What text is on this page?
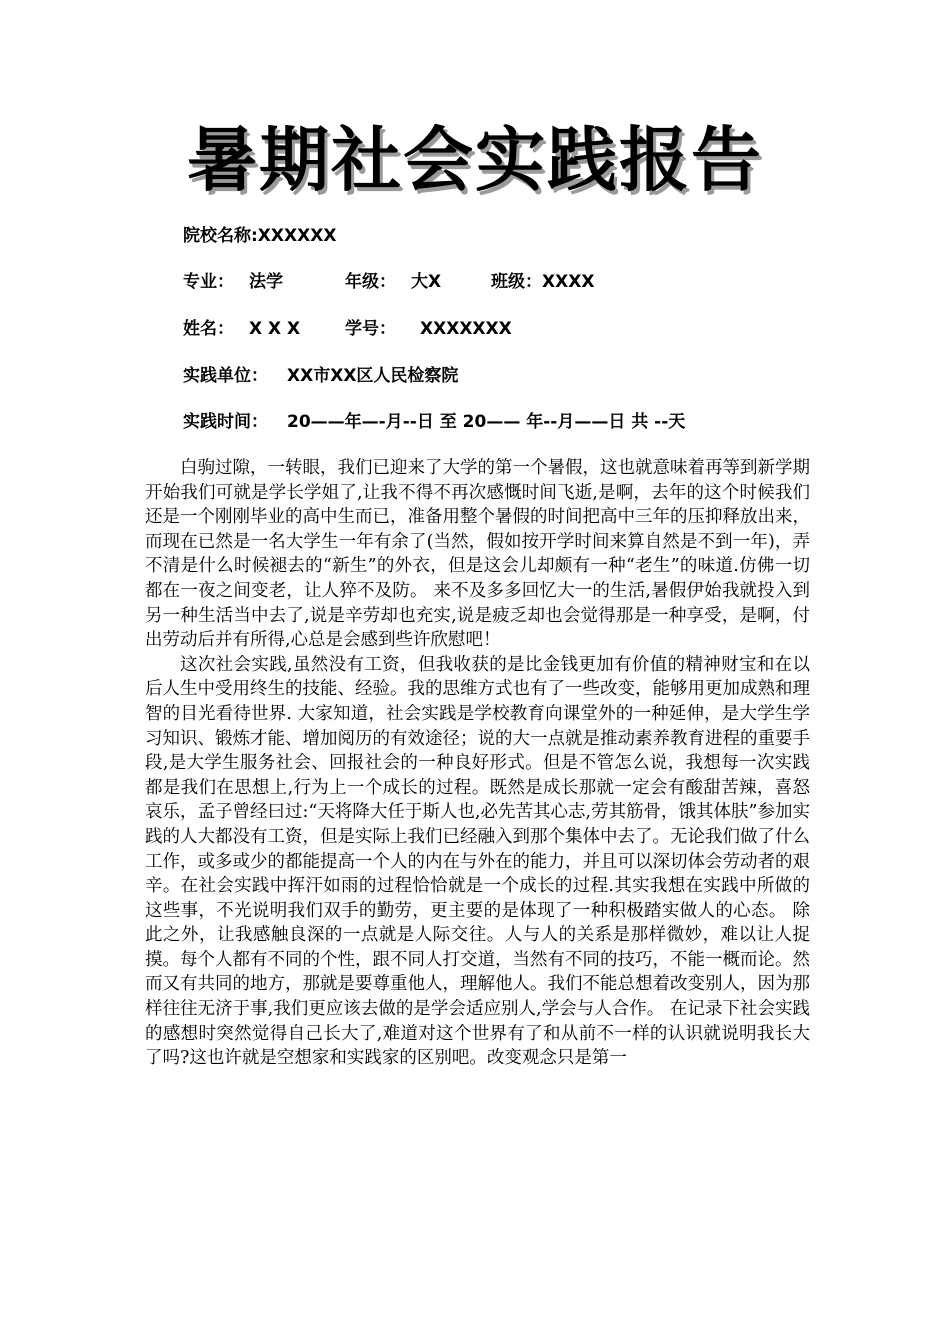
暑期社会实践报告
院校名称:XXXXXX
专业： 法学	年级： 大X	班级：XXXX
姓名： X X X	学号： XXXXXXX
实践单位： XX市XX区人民检察院
实践时间： 20——年—-月--日 至 20—— 年--月——日 共 --天

白驹过隙，一转眼，我们已迎来了大学的第一个暑假，这也就意味着再等到新学期开始我们可就是学长学姐了,让我不得不再次感慨时间飞逝,是啊，去年的这个时候我们还是一个刚刚毕业的高中生而已，准备用整个暑假的时间把高中三年的压抑释放出来，而现在已然是一名大学生一年有余了(当然，假如按开学时间来算自然是不到一年)，弄不清是什么时候褪去的“新生”的外衣，但是这会儿却颇有一种“老生”的味道.仿佛一切都在一夜之间变老，让人猝不及防。 来不及多多回忆大一的生活,暑假伊始我就投入到另一种生活当中去了,说是辛劳却也充实,说是疲乏却也会觉得那是一种享受，是啊，付出劳动后并有所得,心总是会感到些许欣慰吧！

这次社会实践,虽然没有工资，但我收获的是比金钱更加有价值的精神财宝和在以后人生中受用终生的技能、经验。我的思维方式也有了一些改变，能够用更加成熟和理智的目光看待世界. 大家知道，社会实践是学校教育向课堂外的一种延伸，是大学生学习知识、锻炼才能、增加阅历的有效途径；说的大一点就是推动素养教育进程的重要手段,是大学生服务社会、回报社会的一种良好形式。但是不管怎么说，我想每一次实践都是我们在思想上,行为上一个成长的过程。既然是成长那就一定会有酸甜苦辣，喜怒哀乐，孟子曾经曰过:“天将降大任于斯人也,必先苦其心志,劳其筋骨，饿其体肤”参加实践的人大都没有工资，但是实际上我们已经融入到那个集体中去了。无论我们做了什么工作，或多或少的都能提高一个人的内在与外在的能力，并且可以深切体会劳动者的艰辛。在社会实践中挥汗如雨的过程恰恰就是一个成长的过程.其实我想在实践中所做的这些事，不光说明我们双手的勤劳，更主要的是体现了一种积极踏实做人的心态。 除此之外，让我感触良深的一点就是人际交往。人与人的关系是那样微妙，难以让人捉摸。每个人都有不同的个性，跟不同人打交道，当然有不同的技巧，不能一概而论。然而又有共同的地方，那就是要尊重他人，理解他人。我们不能总想着改变别人，因为那样往往无济于事,我们更应该去做的是学会适应别人,学会与人合作。 在记录下社会实践的感想时突然觉得自己长大了,难道对这个世界有了和从前不一样的认识就说明我长大了吗?这也许就是空想家和实践家的区别吧。改变观念只是第一
